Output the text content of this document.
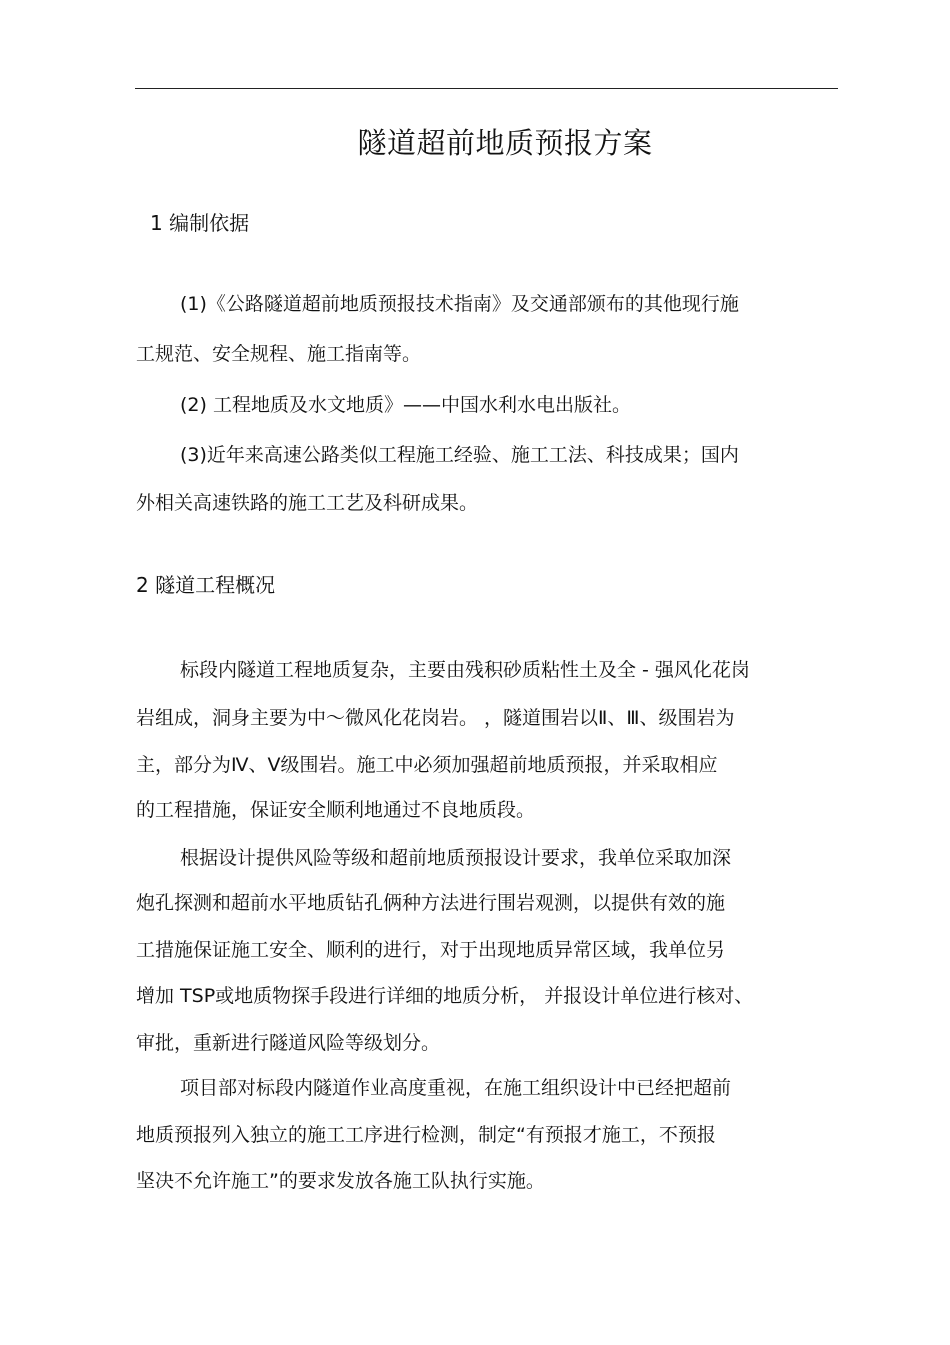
隧道超前地质预报方案
1 编制依据
(1)《公路隧道超前地质预报技术指南》及交通部颁布的其他现行施
工规范、安全规程、施工指南等。
(2) 工程地质及水文地质》——中国水利水电出版社。
(3)近年来高速公路类似工程施工经验、施工工法、科技成果；国内
外相关高速铁路的施工工艺及科研成果。
2 隧道工程概况
标段内隧道工程地质复杂，主要由残积砂质粘性土及全 - 强风化花岗
岩组成，洞身主要为中～微风化花岗岩。 ，隧道围岩以Ⅱ、Ⅲ、级围岩为
主，部分为Ⅳ、Ⅴ级围岩。施工中必须加强超前地质预报，并采取相应
的工程措施，保证安全顺利地通过不良地质段。
根据设计提供风险等级和超前地质预报设计要求，我单位采取加深
炮孔探测和超前水平地质钻孔俩种方法进行围岩观测，以提供有效的施
工措施保证施工安全、顺利的进行，对于出现地质异常区域，我单位另
增加 TSP或地质物探手段进行详细的地质分析， 并报设计单位进行核对、
审批，重新进行隧道风险等级划分。
项目部对标段内隧道作业高度重视，在施工组织设计中已经把超前
地质预报列入独立的施工工序进行检测，制定“有预报才施工，不预报
坚决不允许施工”的要求发放各施工队执行实施。
